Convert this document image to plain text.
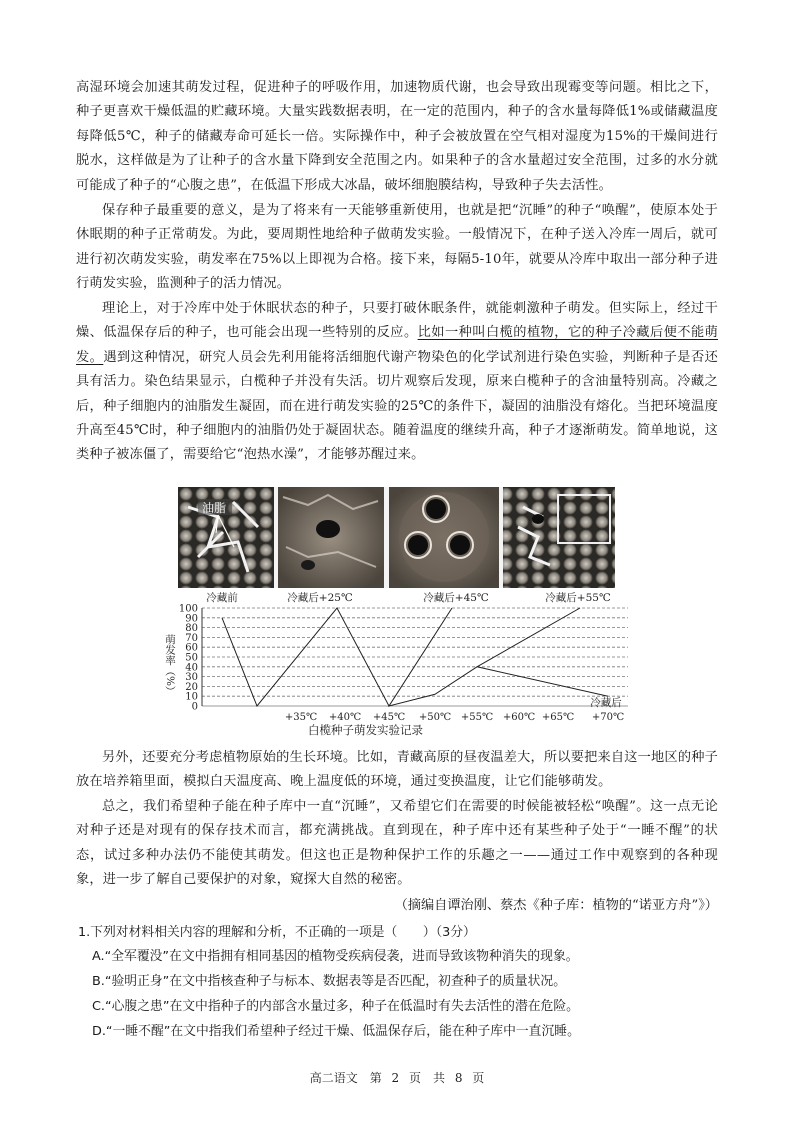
高湿环境会加速其萌发过程，促进种子的呼吸作用，加速物质代谢，也会导致出现霉变等问题。相比之下，种子更喜欢干燥低温的贮藏环境。大量实践数据表明，在一定的范围内，种子的含水量每降低1%或储藏温度每降低5℃，种子的储藏寿命可延长一倍。实际操作中，种子会被放置在空气相对湿度为15%的干燥间进行脱水，这样做是为了让种子的含水量下降到安全范围之内。如果种子的含水量超过安全范围，过多的水分就可能成了种子的“心腹之患”，在低温下形成大冰晶，破坏细胞膜结构，导致种子失去活性。

保存种子最重要的意义，是为了将来有一天能够重新使用，也就是把“沉睡”的种子“唤醒”，使原本处于休眠期的种子正常萌发。为此，要周期性地给种子做萌发实验。一般情况下，在种子送入冷库一周后，就可进行初次萌发实验，萌发率在75%以上即视为合格。接下来，每隔5-10年，就要从冷库中取出一部分种子进行萌发实验，监测种子的活力情况。

理论上，对于冷库中处于休眠状态的种子，只要打破休眠条件，就能刺激种子萌发。但实际上，经过干燥、低温保存后的种子，也可能会出现一些特别的反应。比如一种叫白榄的植物，它的种子冷藏后便不能萌发。遇到这种情况，研究人员会先利用能将活细胞代谢产物染色的化学试剂进行染色实验，判断种子是否还具有活力。染色结果显示，白榄种子并没有失活。切片观察后发现，原来白榄种子的含油量特别高。冷藏之后，种子细胞内的油脂发生凝固，而在进行萌发实验的25℃的条件下，凝固的油脂没有熔化。当把环境温度升高至45℃时，种子细胞内的油脂仍处于凝固状态。随着温度的继续升高，种子才逐渐萌发。简单地说，这类种子被冻僵了，需要给它“泡热水澡”，才能够苏醒过来。

油脂
0
10
20
30
40
50
60
70
80
90
100
萌发率（%）
+35℃ +40℃ +45℃ +50℃ +55℃ +60℃ +65℃ +70℃
冷藏前	冷藏后+25℃	冷藏后+45℃	冷藏后+55℃
冷藏后
白榄种子萌发实验记录

另外，还要充分考虑植物原始的生长环境。比如，青藏高原的昼夜温差大，所以要把来自这一地区的种子放在培养箱里面，模拟白天温度高、晚上温度低的环境，通过变换温度，让它们能够萌发。

总之，我们希望种子能在种子库中一直“沉睡”，又希望它们在需要的时候能被轻松“唤醒”。这一点无论对种子还是对现有的保存技术而言，都充满挑战。直到现在，种子库中还有某些种子处于“一睡不醒”的状态，试过多种办法仍不能使其萌发。但这也正是物种保护工作的乐趣之一——通过工作中观察到的各种现象，进一步了解自己要保护的对象，窥探大自然的秘密。

（摘编自谭治刚、蔡杰《种子库：植物的“诺亚方舟”》）

1.下列对材料相关内容的理解和分析，不正确的一项是（　　）（3分）

A.“全军覆没”在文中指拥有相同基因的植物受疾病侵袭，进而导致该物种消失的现象。

B.“验明正身”在文中指核查种子与标本、数据表等是否匹配，初查种子的质量状况。

C.“心腹之患”在文中指种子的内部含水量过多，种子在低温时有失去活性的潜在危险。

D.“一睡不醒”在文中指我们希望种子经过干燥、低温保存后，能在种子库中一直沉睡。

高二语文　第 2 页　共 8 页
